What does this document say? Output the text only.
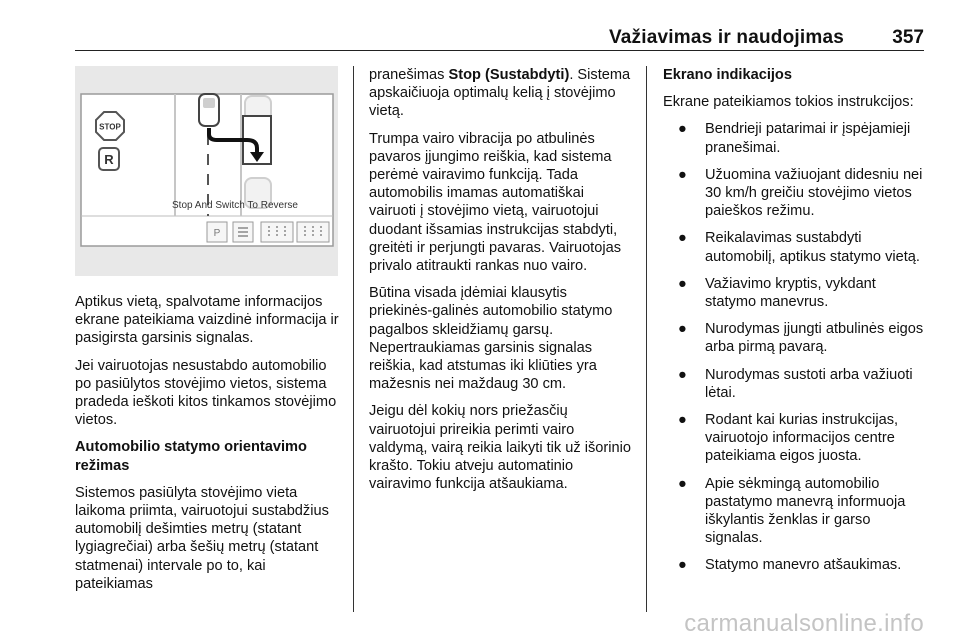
Važiavimas ir naudojimas	357
STOP
R
Stop And Switch To Reverse
P

Aptikus vietą, spalvotame informacijos ekrane pateikiama vaizdinė informacija ir pasigirsta garsinis signalas.

Jei vairuotojas nesustabdo automobilio po pasiūlytos stovėjimo vietos, sistema pradeda ieškoti kitos tinkamos stovėjimo vietos.

Automobilio statymo orientavimo režimas

Sistemos pasiūlyta stovėjimo vieta laikoma priimta, vairuotojui sustabdžius automobilį dešimties metrų (statant lygiagrečiai) arba šešių metrų (statant statmenai) intervale po to, kai pateikiamas

pranešimas Stop (Sustabdyti). Sistema apskaičiuoja optimalų kelią į stovėjimo vietą.

Trumpa vairo vibracija po atbulinės pavaros įjungimo reiškia, kad sistema perėmė vairavimo funkciją. Tada automobilis imamas automatiškai vairuoti į stovėjimo vietą, vairuotojui duodant išsamias instrukcijas stabdyti, greitėti ir perjungti pavaras. Vairuotojas privalo atitraukti rankas nuo vairo.

Būtina visada įdėmiai klausytis priekinės-galinės automobilio statymo pagalbos skleidžiamų garsų. Nepertraukiamas garsinis signalas reiškia, kad atstumas iki kliūties yra mažesnis nei maždaug 30 cm.

Jeigu dėl kokių nors priežasčių vairuotojui prireikia perimti vairo valdymą, vairą reikia laikyti tik už išorinio krašto. Tokiu atveju automatinio vairavimo funkcija atšaukiama.

Ekrano indikacijos

Ekrane pateikiamos tokios instrukcijos:

● Bendrieji patarimai ir įspėjamieji pranešimai.
● Užuomina važiuojant didesniu nei 30 km/h greičiu stovėjimo vietos paieškos režimu.
● Reikalavimas sustabdyti automobilį, aptikus statymo vietą.
● Važiavimo kryptis, vykdant statymo manevrus.
● Nurodymas įjungti atbulinės eigos arba pirmą pavarą.
● Nurodymas sustoti arba važiuoti lėtai.
● Rodant kai kurias instrukcijas, vairuotojo informacijos centre pateikiama eigos juosta.
● Apie sėkmingą automobilio pastatymo manevrą informuoja iškylantis ženklas ir garso signalas.
● Statymo manevro atšaukimas.
carmanualsonline.info
